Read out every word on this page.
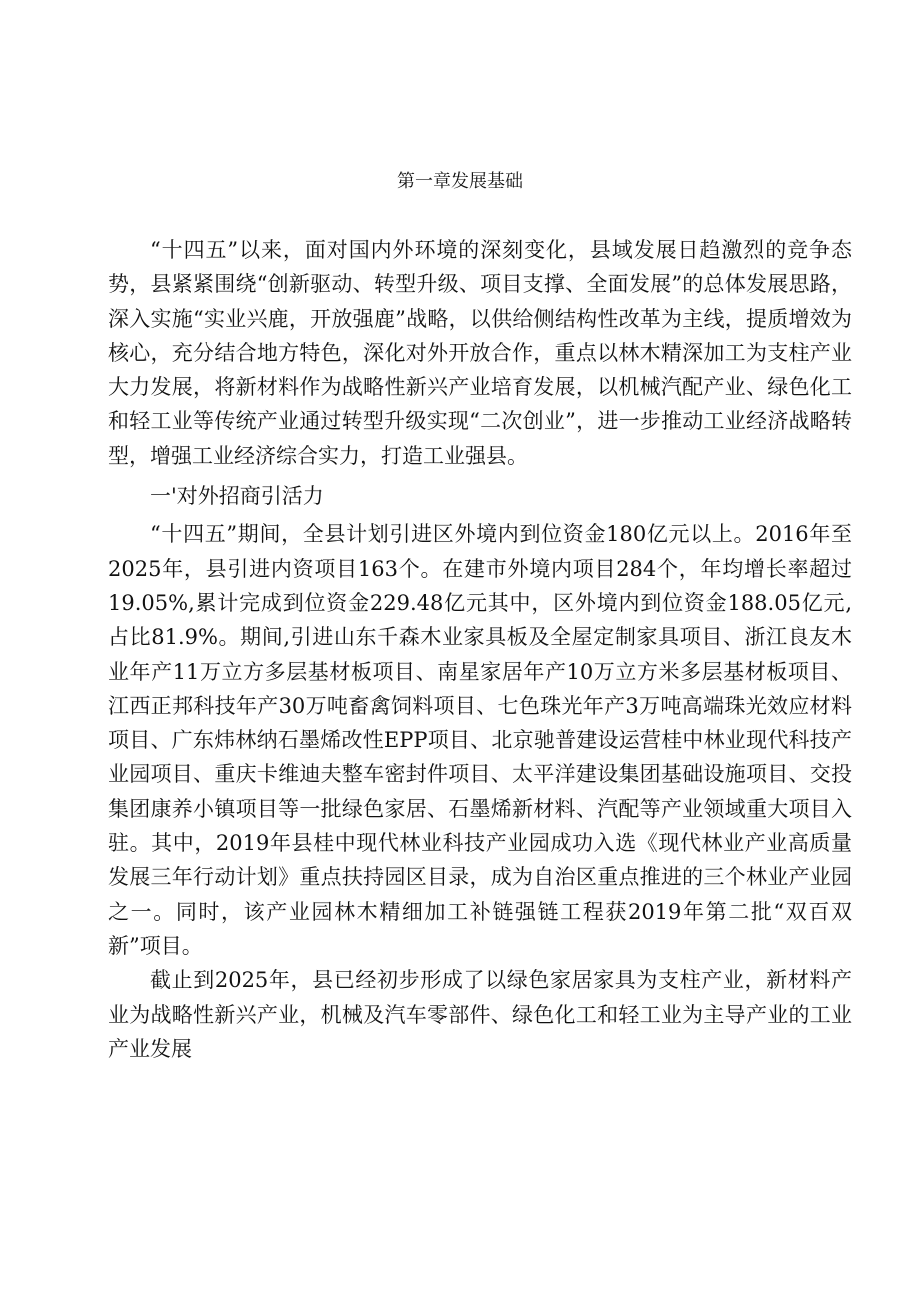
第一章发展基础

“十四五”以来，面对国内外环境的深刻变化，县域发展日趋激烈的竞争态势，县紧紧围绕“创新驱动、转型升级、项目支撑、全面发展”的总体发展思路，深入实施“实业兴鹿，开放强鹿”战略，以供给侧结构性改革为主线，提质增效为核心，充分结合地方特色，深化对外开放合作，重点以林木精深加工为支柱产业大力发展，将新材料作为战略性新兴产业培育发展，以机械汽配产业、绿色化工和轻工业等传统产业通过转型升级实现“二次创业”，进一步推动工业经济战略转型，增强工业经济综合实力，打造工业强县。

一'对外招商引活力

“十四五”期间，全县计划引进区外境内到位资金180亿元以上。2016年至2025年，县引进内资项目163个。在建市外境内项目284个，年均增长率超过19.05%,累计完成到位资金229.48亿元其中，区外境内到位资金188.05亿元,占比81.9%。期间,引进山东千森木业家具板及全屋定制家具项目、浙江良友木业年产11万立方多层基材板项目、南星家居年产10万立方米多层基材板项目、江西正邦科技年产30万吨畜禽饲料项目、七色珠光年产3万吨高端珠光效应材料项目、广东炜林纳石墨烯改性EPP项目、北京驰普建设运营桂中林业现代科技产业园项目、重庆卡维迪夫整车密封件项目、太平洋建设集团基础设施项目、交投集团康养小镇项目等一批绿色家居、石墨烯新材料、汽配等产业领域重大项目入驻。其中，2019年县桂中现代林业科技产业园成功入选《现代林业产业高质量发展三年行动计划》重点扶持园区目录，成为自治区重点推进的三个林业产业园之一。同时，该产业园林木精细加工补链强链工程获2019年第二批“双百双新”项目。

截止到2025年，县已经初步形成了以绿色家居家具为支柱产业，新材料产业为战略性新兴产业，机械及汽车零部件、绿色化工和轻工业为主导产业的工业产业发展
